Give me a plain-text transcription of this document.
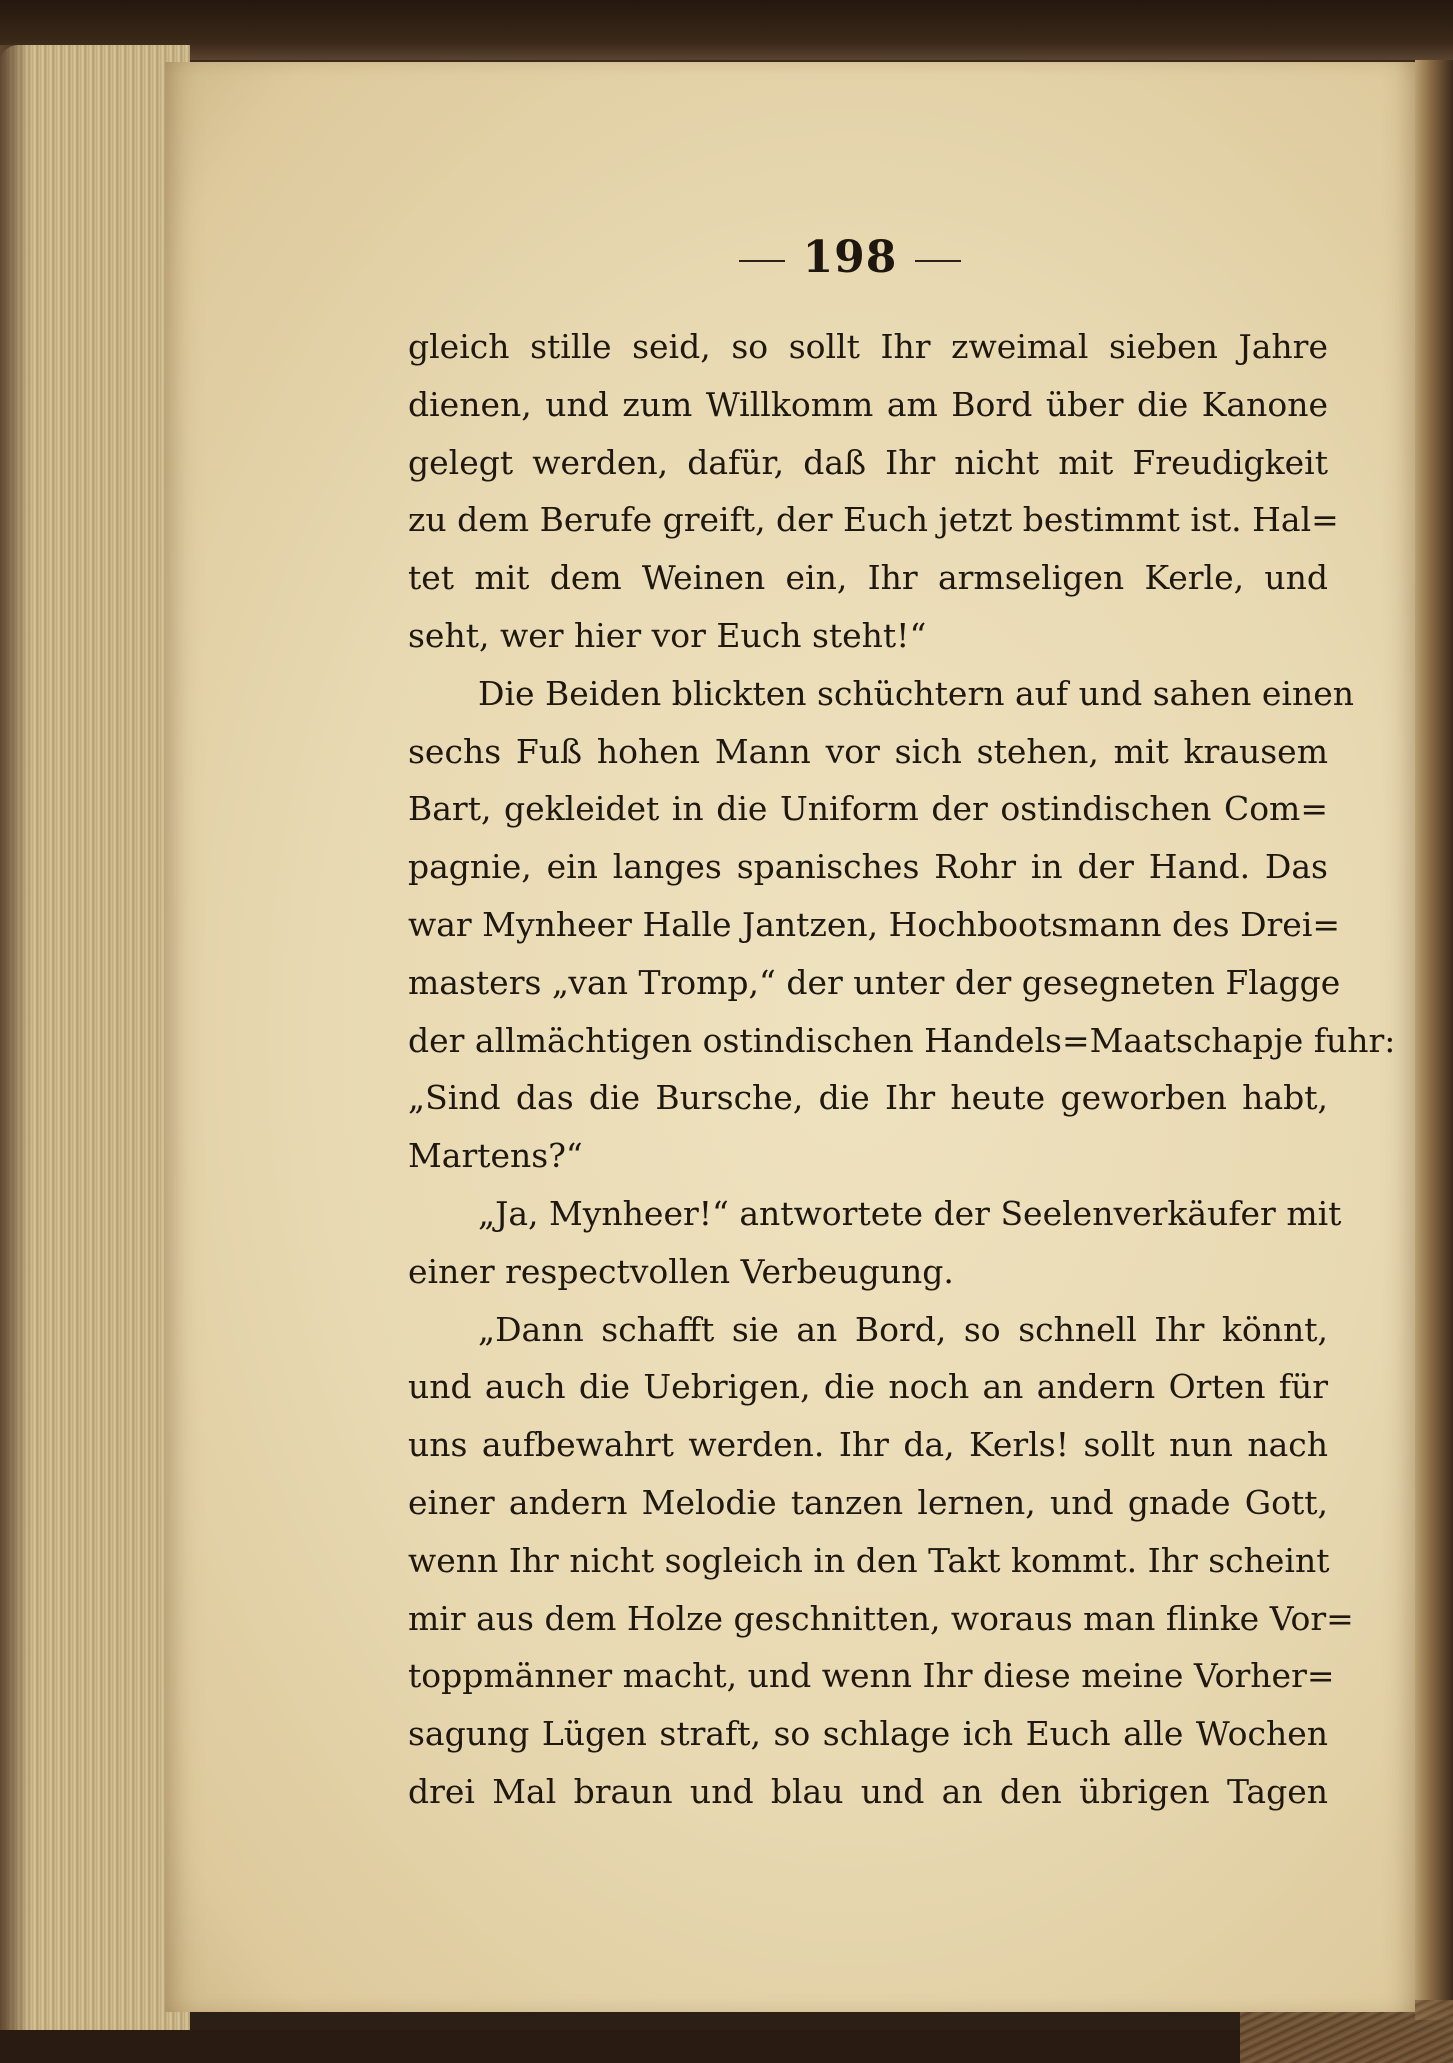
198
gleich stille seid, so sollt Ihr zweimal sieben Jahre
dienen, und zum Willkomm am Bord über die Kanone
gelegt werden, dafür, daß Ihr nicht mit Freudigkeit
zu dem Berufe greift, der Euch jetzt bestimmt ist. Hal=
tet mit dem Weinen ein, Ihr armseligen Kerle, und
seht, wer hier vor Euch steht!“
Die Beiden blickten schüchtern auf und sahen einen
sechs Fuß hohen Mann vor sich stehen, mit krausem
Bart, gekleidet in die Uniform der ostindischen Com=
pagnie, ein langes spanisches Rohr in der Hand. Das
war Mynheer Halle Jantzen, Hochbootsmann des Drei=
masters „van Tromp,“ der unter der gesegneten Flagge
der allmächtigen ostindischen Handels=Maatschapje fuhr:
„Sind das die Bursche, die Ihr heute geworben habt,
Martens?“
„Ja, Mynheer!“ antwortete der Seelenverkäufer mit
einer respectvollen Verbeugung.
„Dann schafft sie an Bord, so schnell Ihr könnt,
und auch die Uebrigen, die noch an andern Orten für
uns aufbewahrt werden. Ihr da, Kerls! sollt nun nach
einer andern Melodie tanzen lernen, und gnade Gott,
wenn Ihr nicht sogleich in den Takt kommt. Ihr scheint
mir aus dem Holze geschnitten, woraus man flinke Vor=
toppmänner macht, und wenn Ihr diese meine Vorher=
sagung Lügen straft, so schlage ich Euch alle Wochen
drei Mal braun und blau und an den übrigen Tagen
